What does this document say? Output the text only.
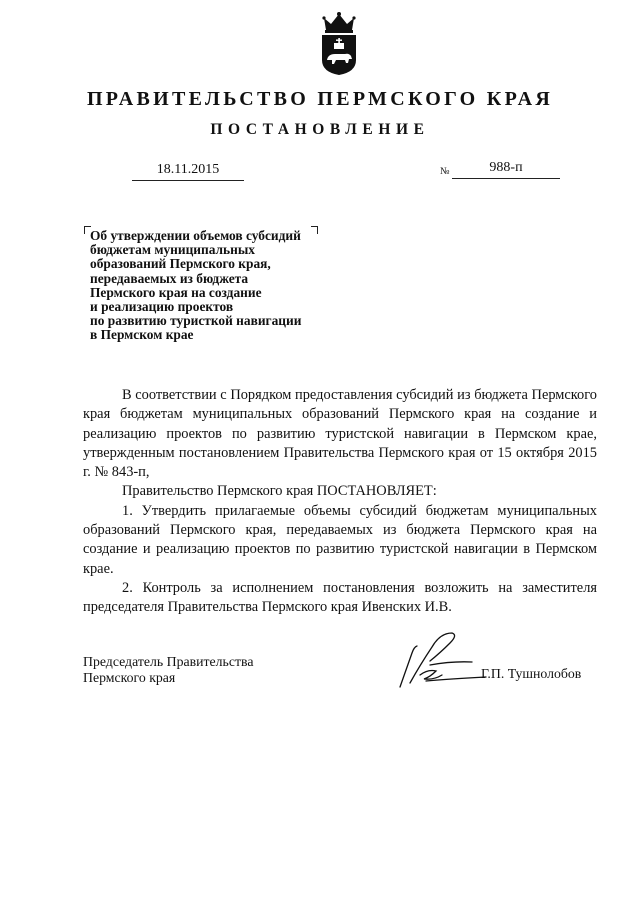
ПРАВИТЕЛЬСТВО ПЕРМСКОГО КРАЯ
ПОСТАНОВЛЕНИЕ
18.11.2015	№	988-п
Об утверждении объемов субсидий
бюджетам муниципальных
образований Пермского края,
передаваемых из бюджета
Пермского края на создание
и реализацию проектов
по развитию туристкой навигации
в Пермском крае

В соответствии с Порядком предоставления субсидий из бюджета Пермского края бюджетам муниципальных образований Пермского края на создание и реализацию проектов по развитию туристской навигации в Пермском крае, утвержденным постановлением Правительства Пермского края от 15 октября 2015 г. № 843-п,

Правительство Пермского края ПОСТАНОВЛЯЕТ:

1. Утвердить прилагаемые объемы субсидий бюджетам муниципальных образований Пермского края, передаваемых из бюджета Пермского края на создание и реализацию проектов по развитию туристской навигации в Пермском крае.

2. Контроль за исполнением постановления возложить на заместителя председателя Правительства Пермского края Ивенских И.В.

Председатель Правительства
Пермского края	Г.П. Тушнолобов
